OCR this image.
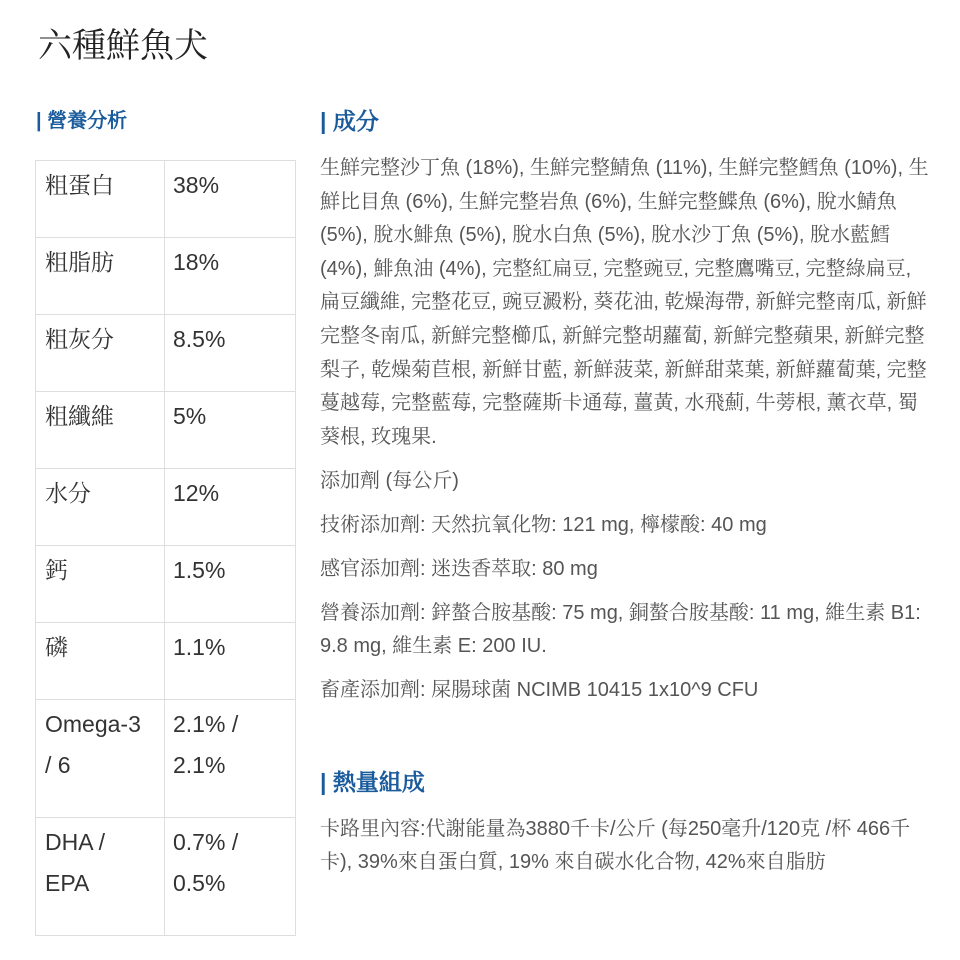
六種鮮魚犬
| 營養分析
粗蛋白	38%
粗脂肪	18%
粗灰分	8.5%
粗纖維	5%
水分	12%
鈣	1.5%
磷	1.1%
Omega-3 / 6	2.1% / 2.1%
DHA / EPA	0.7% / 0.5%
| 成分

生鮮完整沙丁魚 (18%), 生鮮完整鯖魚 (11%), 生鮮完整鱈魚 (10%), 生鮮比目魚 (6%), 生鮮完整岩魚 (6%), 生鮮完整鰈魚 (6%), 脫水鯖魚 (5%), 脫水鯡魚 (5%), 脫水白魚 (5%), 脫水沙丁魚 (5%), 脫水藍鱈 (4%), 鯡魚油 (4%), 完整紅扁豆, 完整豌豆, 完整鷹嘴豆, 完整綠扁豆, 扁豆纖維, 完整花豆, 豌豆澱粉, 葵花油, 乾燥海帶, 新鮮完整南瓜, 新鮮完整冬南瓜, 新鮮完整櫛瓜, 新鮮完整胡蘿蔔, 新鮮完整蘋果, 新鮮完整梨子, 乾燥菊苣根, 新鮮甘藍, 新鮮菠菜, 新鮮甜菜葉, 新鮮蘿蔔葉, 完整蔓越莓, 完整藍莓, 完整薩斯卡通莓, 薑黃, 水飛薊, 牛蒡根, 薰衣草, 蜀葵根, 玫瑰果.

添加劑 (每公斤)

技術添加劑: 天然抗氧化物: 121 mg, 檸檬酸: 40 mg

感官添加劑: 迷迭香萃取: 80 mg

營養添加劑: 鋅螯合胺基酸: 75 mg, 銅螯合胺基酸: 11 mg, 維生素 B1: 9.8 mg, 維生素 E: 200 IU.

畜產添加劑: 屎腸球菌 NCIMB 10415 1x10^9 CFU

| 熱量組成

卡路里內容:代謝能量為3880千卡/公斤 (每250毫升/120克 /杯 466千卡), 39%來自蛋白質, 19% 來自碳水化合物, 42%來自脂肪
